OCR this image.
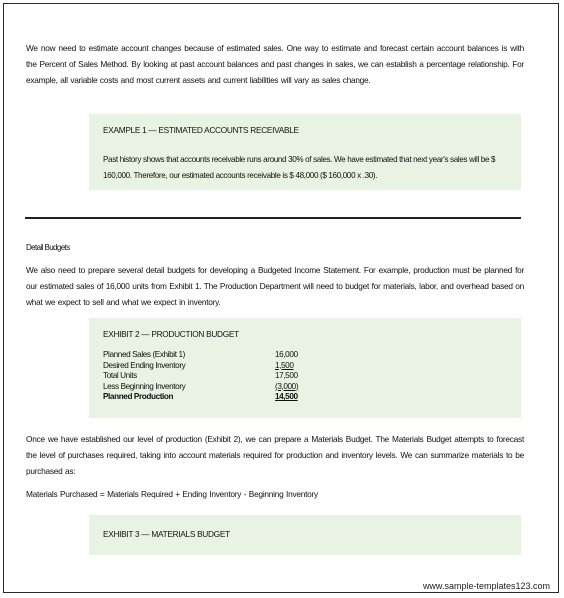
We now need to estimate account changes because of estimated sales. One way to estimate and forecast certain account balances is with the Percent of Sales Method. By looking at past account balances and past changes in sales, we can establish a percentage relationship. For example, all variable costs and most current assets and current liabilities will vary as sales change.

EXAMPLE 1 — ESTIMATED ACCOUNTS RECEIVABLE

Past history shows that accounts receivable runs around 30% of sales. We have estimated that next year's sales will be $ 160,000. Therefore, our estimated accounts receivable is $ 48,000 ($ 160,000 x .30).

Detail Budgets

We also need to prepare several detail budgets for developing a Budgeted Income Statement. For example, production must be planned for our estimated sales of 16,000 units from Exhibit 1. The Production Department will need to budget for materials, labor, and overhead based on what we expect to sell and what we expect in inventory.

EXHIBIT 2 — PRODUCTION BUDGET
Planned Sales (Exhibit 1)	16,000
Desired Ending Inventory	1,500
Total Units	17,500
Less Beginning Inventory	(3,000)
Planned Production	14,500

Once we have established our level of production (Exhibit 2), we can prepare a Materials Budget. The Materials Budget attempts to forecast the level of purchases required, taking into account materials required for production and inventory levels. We can summarize materials to be purchased as:

Materials Purchased = Materials Required + Ending Inventory - Beginning Inventory
EXHIBIT 3 — MATERIALS BUDGET
www.sample-templates123.com
